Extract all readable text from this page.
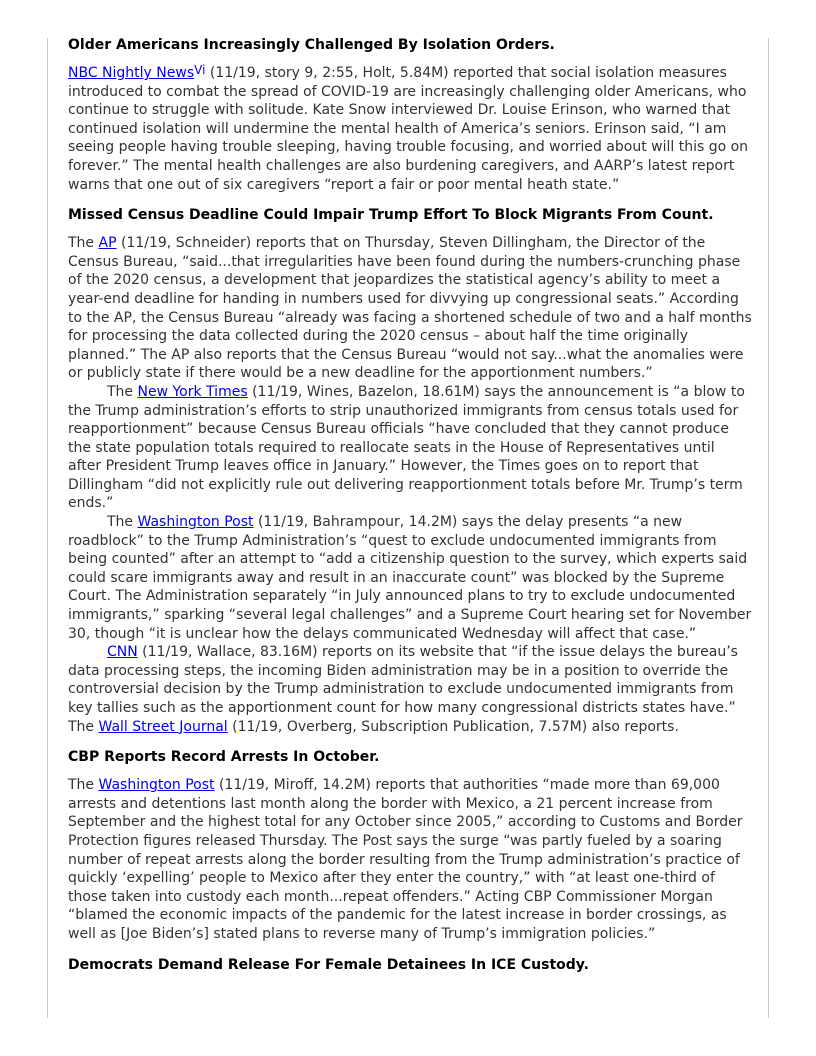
Older Americans Increasingly Challenged By Isolation Orders.

NBC Nightly News$^{Vi}$ (11/19, story 9, 2:55, Holt, 5.84M) reported that social isolation measures introduced to combat the spread of COVID-19 are increasingly challenging older Americans, who continue to struggle with solitude. Kate Snow interviewed Dr. Louise Erinson, who warned that continued isolation will undermine the mental health of America’s seniors. Erinson said, “I am seeing people having trouble sleeping, having trouble focusing, and worried about will this go on forever.” The mental health challenges are also burdening caregivers, and AARP’s latest report warns that one out of six caregivers “report a fair or poor mental heath state.”

Missed Census Deadline Could Impair Trump Effort To Block Migrants From Count.

The AP (11/19, Schneider) reports that on Thursday, Steven Dillingham, the Director of the Census Bureau, “said...that irregularities have been found during the numbers-crunching phase of the 2020 census, a development that jeopardizes the statistical agency’s ability to meet a year-end deadline for handing in numbers used for divvying up congressional seats.” According to the AP, the Census Bureau “already was facing a shortened schedule of two and a half months for processing the data collected during the 2020 census – about half the time originally planned.” The AP also reports that the Census Bureau “would not say...what the anomalies were or publicly state if there would be a new deadline for the apportionment numbers.”

The New York Times (11/19, Wines, Bazelon, 18.61M) says the announcement is “a blow to the Trump administration’s efforts to strip unauthorized immigrants from census totals used for reapportionment” because Census Bureau officials “have concluded that they cannot produce the state population totals required to reallocate seats in the House of Representatives until after President Trump leaves office in January.” However, the Times goes on to report that Dillingham “did not explicitly rule out delivering reapportionment totals before Mr. Trump’s term ends.”

The Washington Post (11/19, Bahrampour, 14.2M) says the delay presents “a new roadblock” to the Trump Administration’s “quest to exclude undocumented immigrants from being counted” after an attempt to “add a citizenship question to the survey, which experts said could scare immigrants away and result in an inaccurate count” was blocked by the Supreme Court. The Administration separately “in July announced plans to try to exclude undocumented immigrants,” sparking “several legal challenges” and a Supreme Court hearing set for November 30, though “it is unclear how the delays communicated Wednesday will affect that case.”

CNN (11/19, Wallace, 83.16M) reports on its website that “if the issue delays the bureau’s data processing steps, the incoming Biden administration may be in a position to override the controversial decision by the Trump administration to exclude undocumented immigrants from key tallies such as the apportionment count for how many congressional districts states have.” The Wall Street Journal (11/19, Overberg, Subscription Publication, 7.57M) also reports.

CBP Reports Record Arrests In October.

The Washington Post (11/19, Miroff, 14.2M) reports that authorities “made more than 69,000 arrests and detentions last month along the border with Mexico, a 21 percent increase from September and the highest total for any October since 2005,” according to Customs and Border Protection figures released Thursday. The Post says the surge “was partly fueled by a soaring number of repeat arrests along the border resulting from the Trump administration’s practice of quickly ‘expelling’ people to Mexico after they enter the country,” with “at least one-third of those taken into custody each month...repeat offenders.” Acting CBP Commissioner Morgan “blamed the economic impacts of the pandemic for the latest increase in border crossings, as well as [Joe Biden’s] stated plans to reverse many of Trump’s immigration policies.”

Democrats Demand Release For Female Detainees In ICE Custody.
